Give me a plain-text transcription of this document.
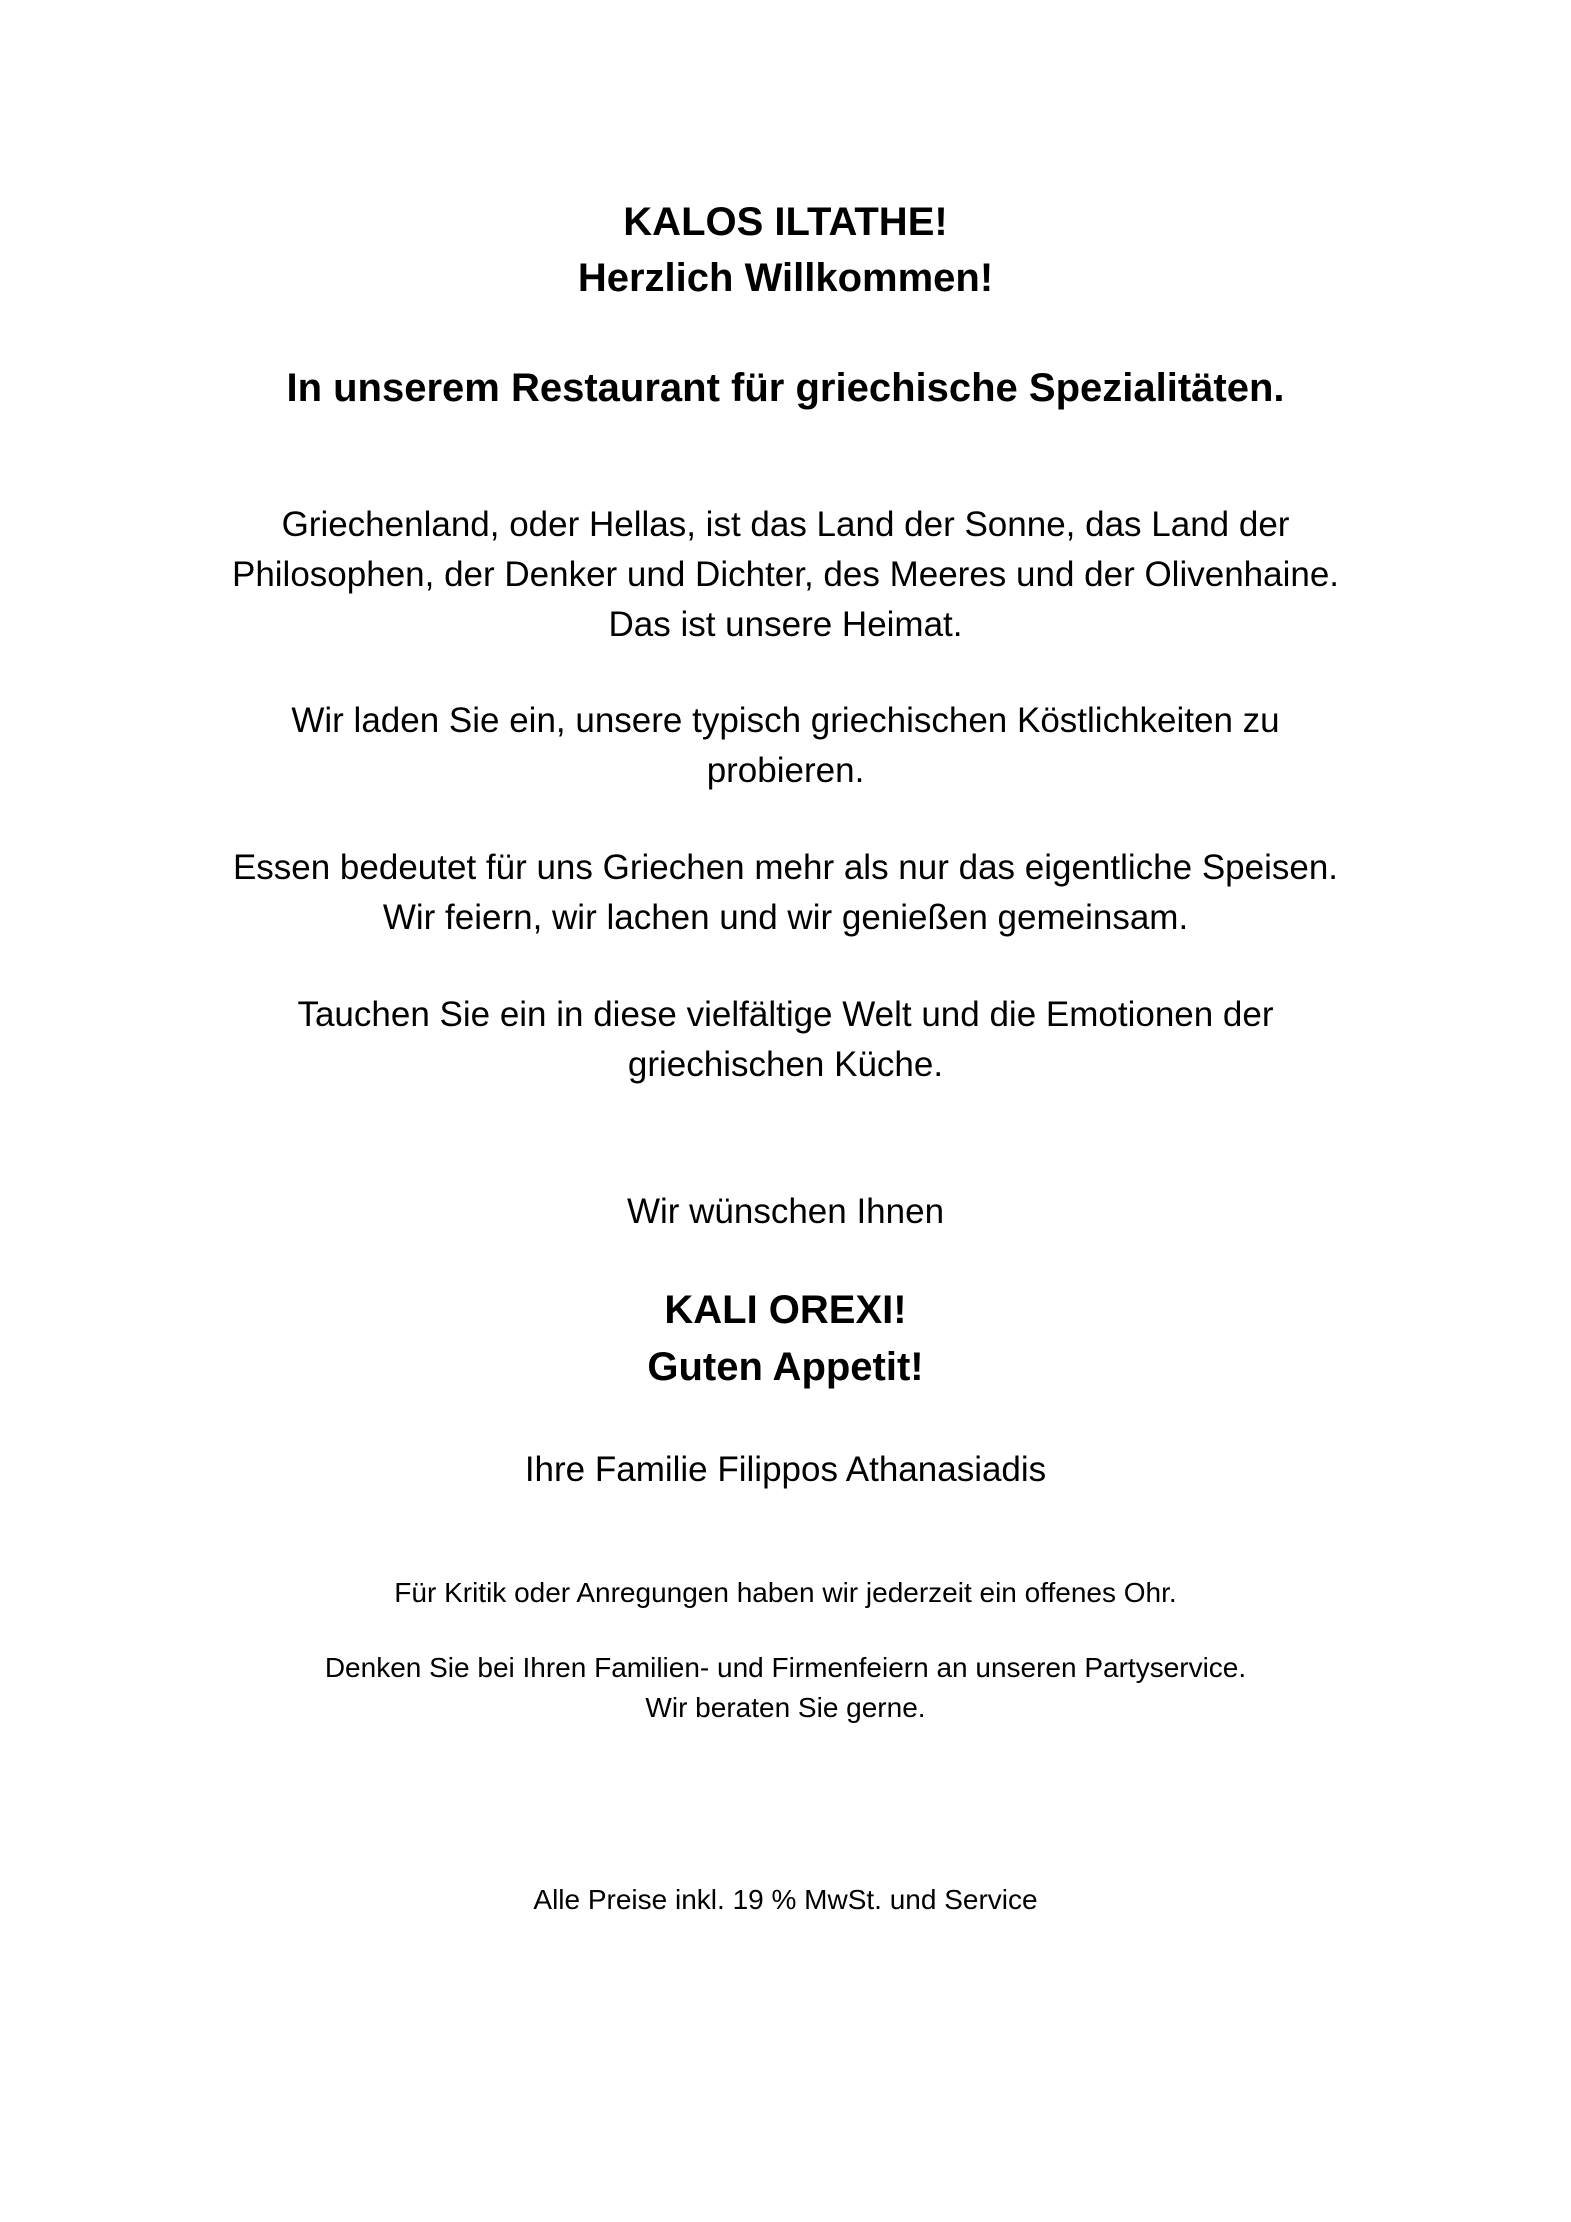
KALOS ILTATHE!
Herzlich Willkommen!
In unserem Restaurant für griechische Spezialitäten.
Griechenland, oder Hellas, ist das Land der Sonne, das Land der
Philosophen, der Denker und Dichter, des Meeres und der Olivenhaine.
Das ist unsere Heimat.
Wir laden Sie ein, unsere typisch griechischen Köstlichkeiten zu
probieren.
Essen bedeutet für uns Griechen mehr als nur das eigentliche Speisen.
Wir feiern, wir lachen und wir genießen gemeinsam.
Tauchen Sie ein in diese vielfältige Welt und die Emotionen der
griechischen Küche.
Wir wünschen Ihnen
KALI OREXI!
Guten Appetit!
Ihre Familie Filippos Athanasiadis
Für Kritik oder Anregungen haben wir jederzeit ein offenes Ohr.
Denken Sie bei Ihren Familien- und Firmenfeiern an unseren Partyservice.
Wir beraten Sie gerne.
Alle Preise inkl. 19 % MwSt. und Service
